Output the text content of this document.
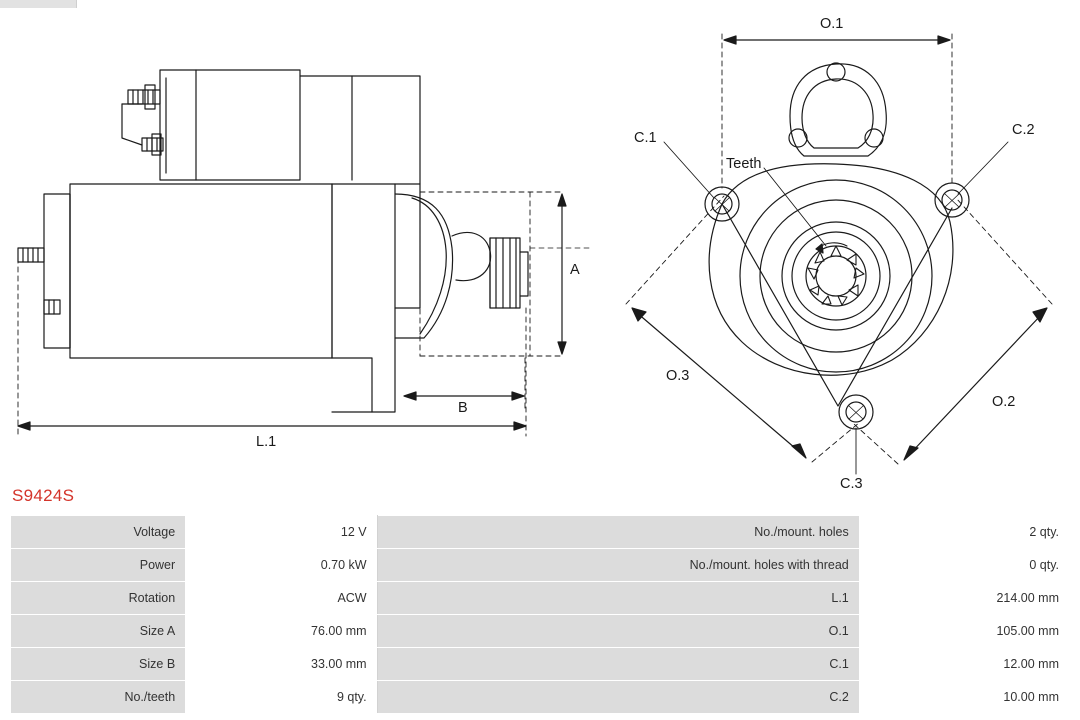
A
B
L.1
O.1
O.2
O.3
C.1	C.2
C.3
Teeth
S9424S
Voltage	12 V	No./mount. holes	2 qty.
Power	0.70 kW	No./mount. holes with thread	0 qty.
Rotation	ACW	L.1	214.00 mm
Size A	76.00 mm	O.1	105.00 mm
Size B	33.00 mm	C.1	12.00 mm
No./teeth	9 qty.	C.2	10.00 mm
